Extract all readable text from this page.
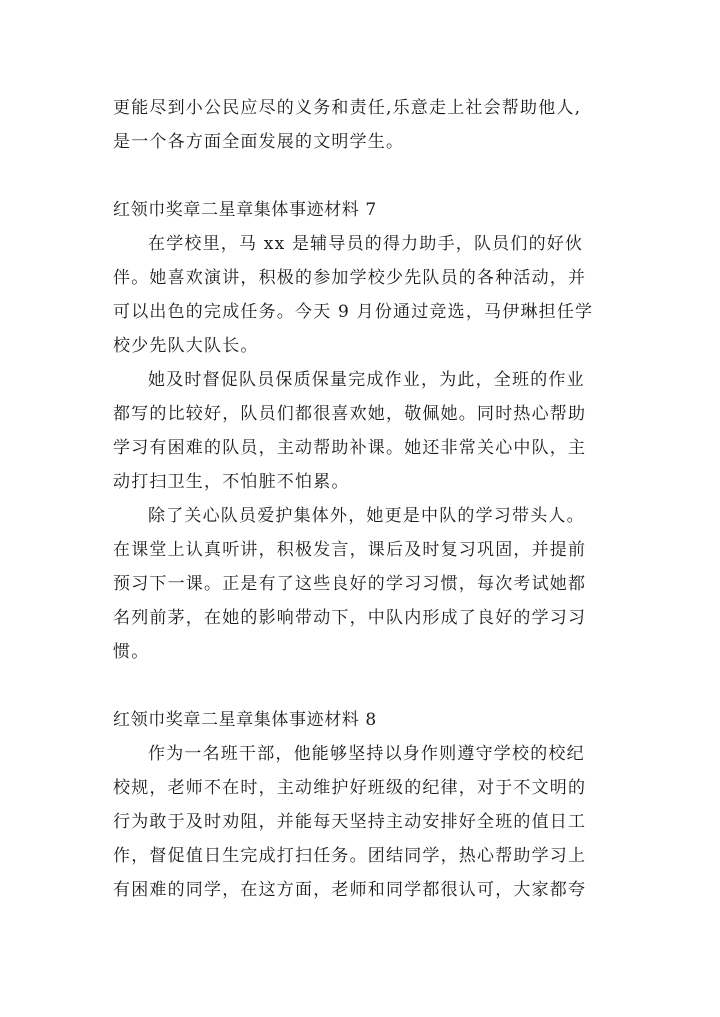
更能尽到小公民应尽的义务和责任,乐意走上社会帮助他人,
是一个各方面全面发展的文明学生。
红领巾奖章二星章集体事迹材料 7
在学校里，马 xx 是辅导员的得力助手，队员们的好伙
伴。她喜欢演讲，积极的参加学校少先队员的各种活动，并
可以出色的完成任务。今天 9 月份通过竞选，马伊琳担任学
校少先队大队长。
她及时督促队员保质保量完成作业，为此，全班的作业
都写的比较好，队员们都很喜欢她，敬佩她。同时热心帮助
学习有困难的队员，主动帮助补课。她还非常关心中队，主
动打扫卫生，不怕脏不怕累。
除了关心队员爱护集体外，她更是中队的学习带头人。
在课堂上认真听讲，积极发言，课后及时复习巩固，并提前
预习下一课。正是有了这些良好的学习习惯，每次考试她都
名列前茅，在她的影响带动下，中队内形成了良好的学习习
惯。
红领巾奖章二星章集体事迹材料 8
作为一名班干部，他能够坚持以身作则遵守学校的校纪
校规，老师不在时，主动维护好班级的纪律，对于不文明的
行为敢于及时劝阻，并能每天坚持主动安排好全班的值日工
作，督促值日生完成打扫任务。团结同学，热心帮助学习上
有困难的同学，在这方面，老师和同学都很认可，大家都夸
